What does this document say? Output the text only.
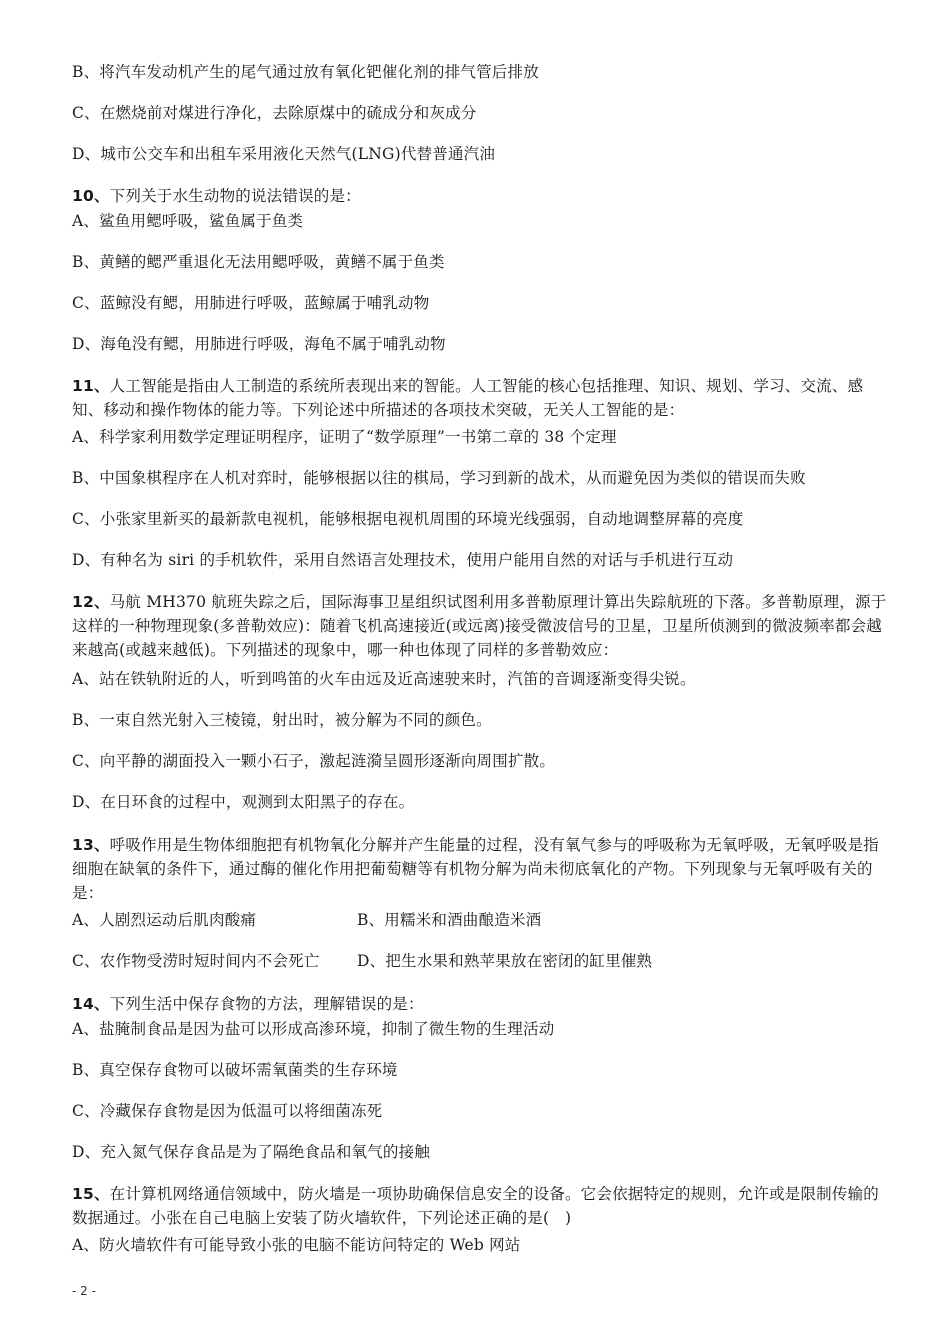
B、将汽车发动机产生的尾气通过放有氧化钯催化剂的排气管后排放
C、在燃烧前对煤进行净化，去除原煤中的硫成分和灰成分
D、城市公交车和出租车采用液化天然气(LNG)代替普通汽油
10、下列关于水生动物的说法错误的是：
A、鲨鱼用鳃呼吸，鲨鱼属于鱼类
B、黄鳝的鳃严重退化无法用鳃呼吸，黄鳝不属于鱼类
C、蓝鲸没有鳃，用肺进行呼吸，蓝鲸属于哺乳动物
D、海龟没有鳃，用肺进行呼吸，海龟不属于哺乳动物
11、人工智能是指由人工制造的系统所表现出来的智能。人工智能的核心包括推理、知识、规划、学习、交流、感知、移动和操作物体的能力等。下列论述中所描述的各项技术突破，无关人工智能的是：
A、科学家利用数学定理证明程序，证明了“数学原理”一书第二章的 38 个定理
B、中国象棋程序在人机对弈时，能够根据以往的棋局，学习到新的战术，从而避免因为类似的错误而失败
C、小张家里新买的最新款电视机，能够根据电视机周围的环境光线强弱，自动地调整屏幕的亮度
D、有种名为 siri 的手机软件，采用自然语言处理技术，使用户能用自然的对话与手机进行互动
12、马航 MH370 航班失踪之后，国际海事卫星组织试图利用多普勒原理计算出失踪航班的下落。多普勒原理，源于这样的一种物理现象(多普勒效应)：随着飞机高速接近(或远离)接受微波信号的卫星，卫星所侦测到的微波频率都会越来越高(或越来越低)。下列描述的现象中，哪一种也体现了同样的多普勒效应：
A、站在铁轨附近的人，听到鸣笛的火车由远及近高速驶来时，汽笛的音调逐渐变得尖锐。
B、一束自然光射入三棱镜，射出时，被分解为不同的颜色。
C、向平静的湖面投入一颗小石子，激起涟漪呈圆形逐渐向周围扩散。
D、在日环食的过程中，观测到太阳黑子的存在。
13、呼吸作用是生物体细胞把有机物氧化分解并产生能量的过程，没有氧气参与的呼吸称为无氧呼吸，无氧呼吸是指细胞在缺氧的条件下，通过酶的催化作用把葡萄糖等有机物分解为尚未彻底氧化的产物。下列现象与无氧呼吸有关的是：
A、人剧烈运动后肌肉酸痛	B、用糯米和酒曲酿造米酒
C、农作物受涝时短时间内不会死亡 D、把生水果和熟苹果放在密闭的缸里催熟
14、下列生活中保存食物的方法，理解错误的是：
A、盐腌制食品是因为盐可以形成高渗环境，抑制了微生物的生理活动
B、真空保存食物可以破坏需氧菌类的生存环境
C、冷藏保存食物是因为低温可以将细菌冻死
D、充入氮气保存食品是为了隔绝食品和氧气的接触
15、在计算机网络通信领域中，防火墙是一项协助确保信息安全的设备。它会依据特定的规则，允许或是限制传输的数据通过。小张在自己电脑上安装了防火墙软件，下列论述正确的是(　)
A、防火墙软件有可能导致小张的电脑不能访问特定的 Web 网站
- 2 -
